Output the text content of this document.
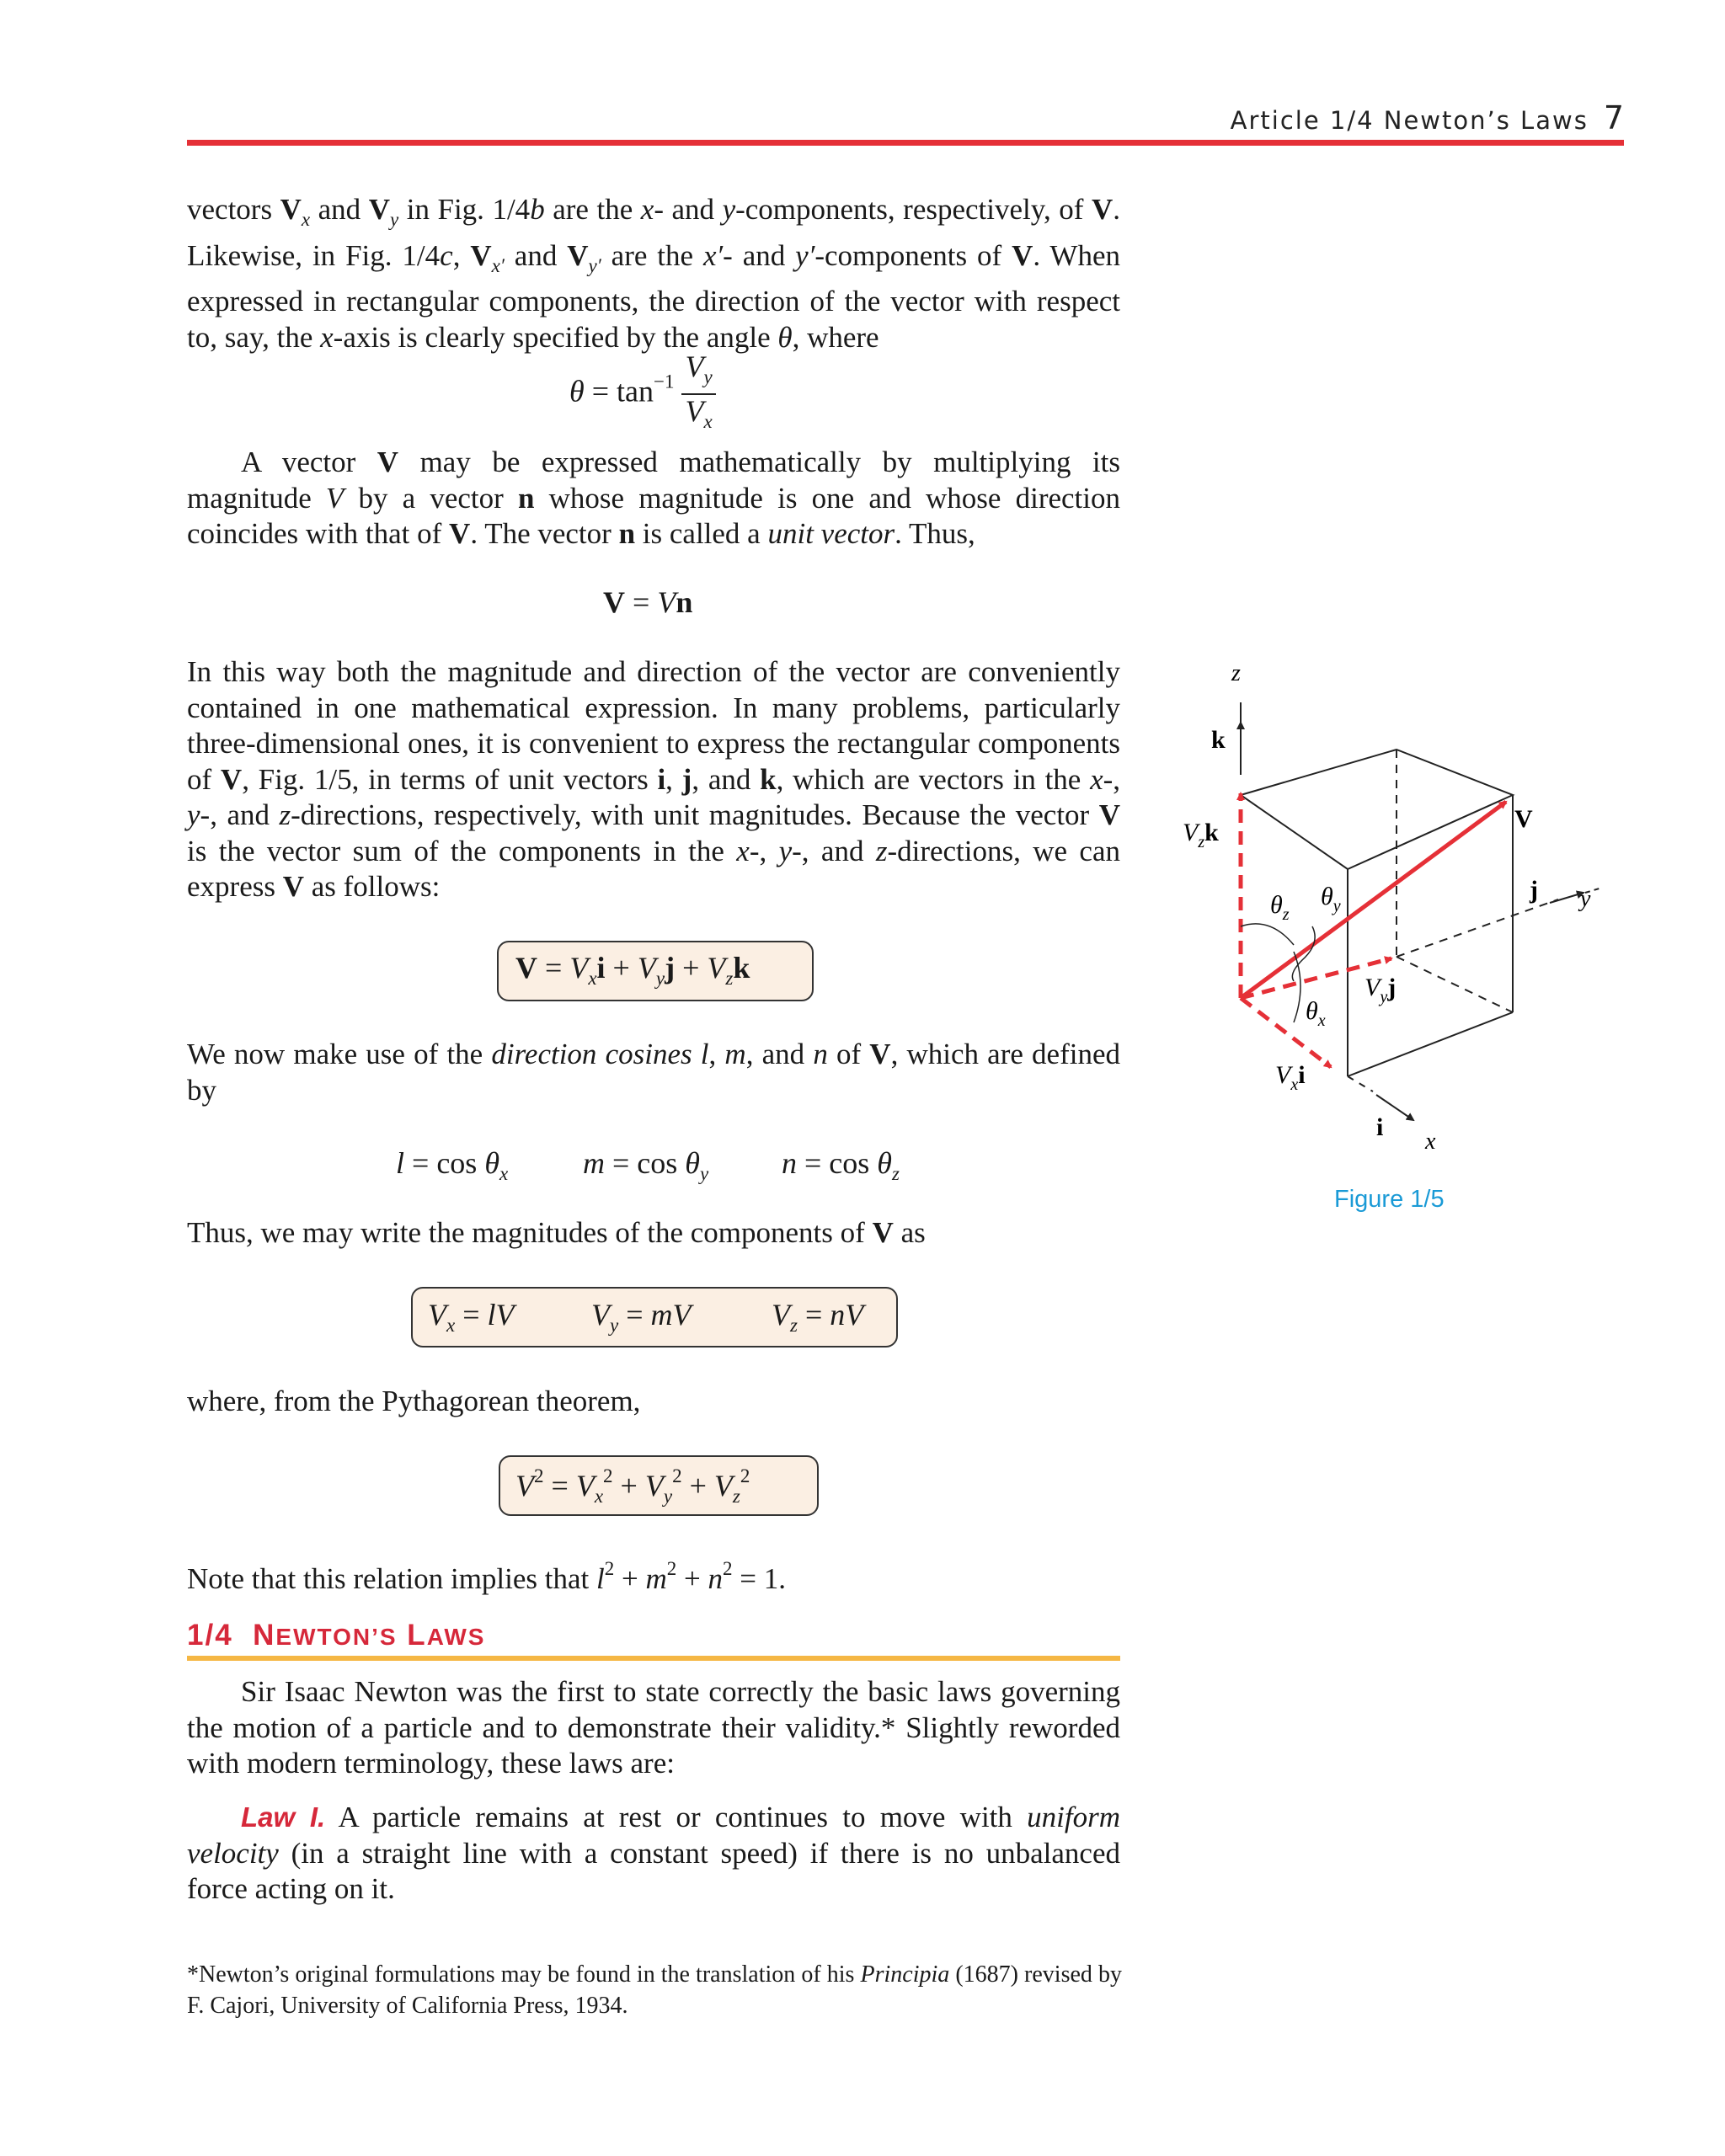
Article 1/4 Newton’s Laws 7

vectors $V_x$ and $V_y$ in Fig. 1/4b are the x- and y-components, respectively, of V. Likewise, in Fig. 1/4c, $V_{x'}$ and $V_{y'}$ are the x′- and y′-components of V. When expressed in rectangular components, the direction of the vector with respect to, say, the x-axis is clearly specified by the angle θ, where

$\theta = \tan^{-1} \frac{V_y}{V_x}$

A vector V may be expressed mathematically by multiplying its magnitude V by a vector n whose magnitude is one and whose direction coincides with that of V. The vector n is called a unit vector. Thus,

V = Vn

In this way both the magnitude and direction of the vector are conveniently contained in one mathematical expression. In many problems, particularly three-dimensional ones, it is convenient to express the rectangular components of V, Fig. 1/5, in terms of unit vectors i, j, and k, which are vectors in the x-, y-, and z-directions, respectively, with unit magnitudes. Because the vector V is the vector sum of the components in the x-, y-, and z-directions, we can express V as follows:

$V = V_xi + V_yj + V_zk$

We now make use of the direction cosines l, m, and n of V, which are defined by

$l = \cos \theta_x$ $m = \cos \theta_y$ $n = \cos \theta_z$

Thus, we may write the magnitudes of the components of V as

$V_x$ = lV	$V_y$ = mV	$V_z$ = nV

where, from the Pythagorean theorem,

$V^2 = V_x^2 + V_y^2 + V_z^2$

Note that this relation implies that $l^2 + m^2 + n^2 = 1$.

1/4 NEWTON’S LAWS

Sir Isaac Newton was the first to state correctly the basic laws governing the motion of a particle and to demonstrate their validity.* Slightly reworded with modern terminology, these laws are:

Law I. A particle remains at rest or continues to move with uniform velocity (in a straight line with a constant speed) if there is no unbalanced force acting on it.

*Newton’s original formulations may be found in the translation of his Principia (1687) revised by F. Cajori, University of California Press, 1934.
z
k
$V_zk$	V
j y
$\theta_z$
$\theta_y$
$V_yj$
$\theta_x$
$V_xi$
i
x
Figure 1/5
